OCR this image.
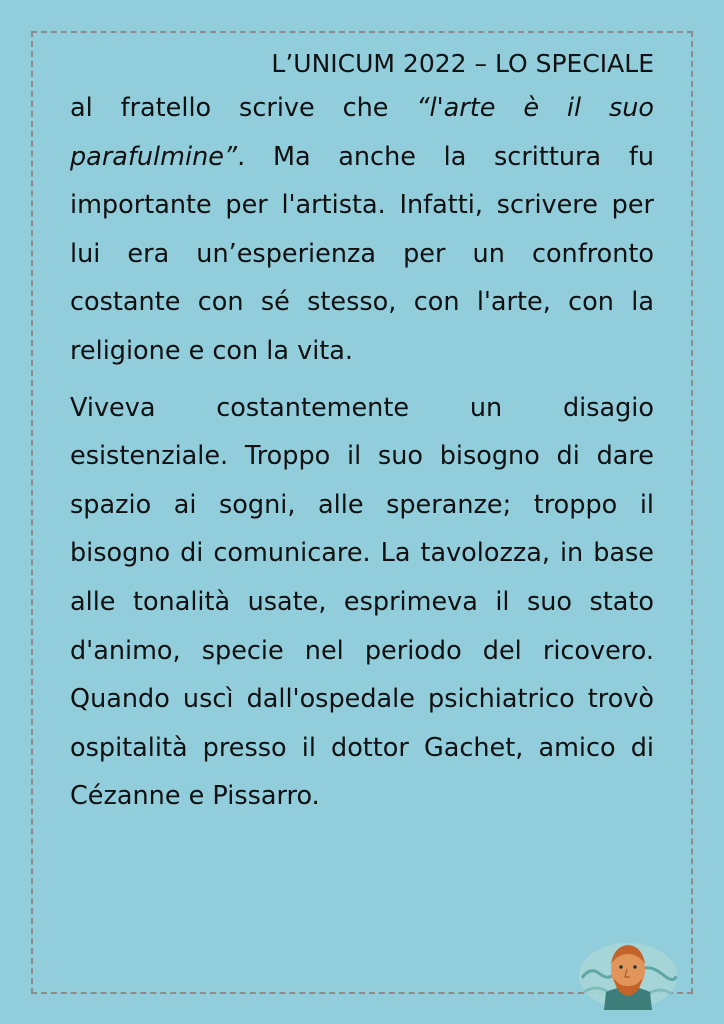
L’UNICUM 2022 – LO SPECIALE

al fratello scrive che “l'arte è il suo parafulmine”. Ma anche la scrittura fu importante per l'artista. Infatti, scrivere per lui era un’esperienza per un confronto costante con sé stesso, con l'arte, con la religione e con la vita.

Viveva costantemente un disagio esistenziale. Troppo il suo bisogno di dare spazio ai sogni, alle speranze; troppo il bisogno di comunicare. La tavolozza, in base alle tonalità usate, esprimeva il suo stato d'animo, specie nel periodo del ricovero. Quando uscì dall'ospedale psichiatrico trovò ospitalità presso il dottor Gachet, amico di Cézanne e Pissarro.
